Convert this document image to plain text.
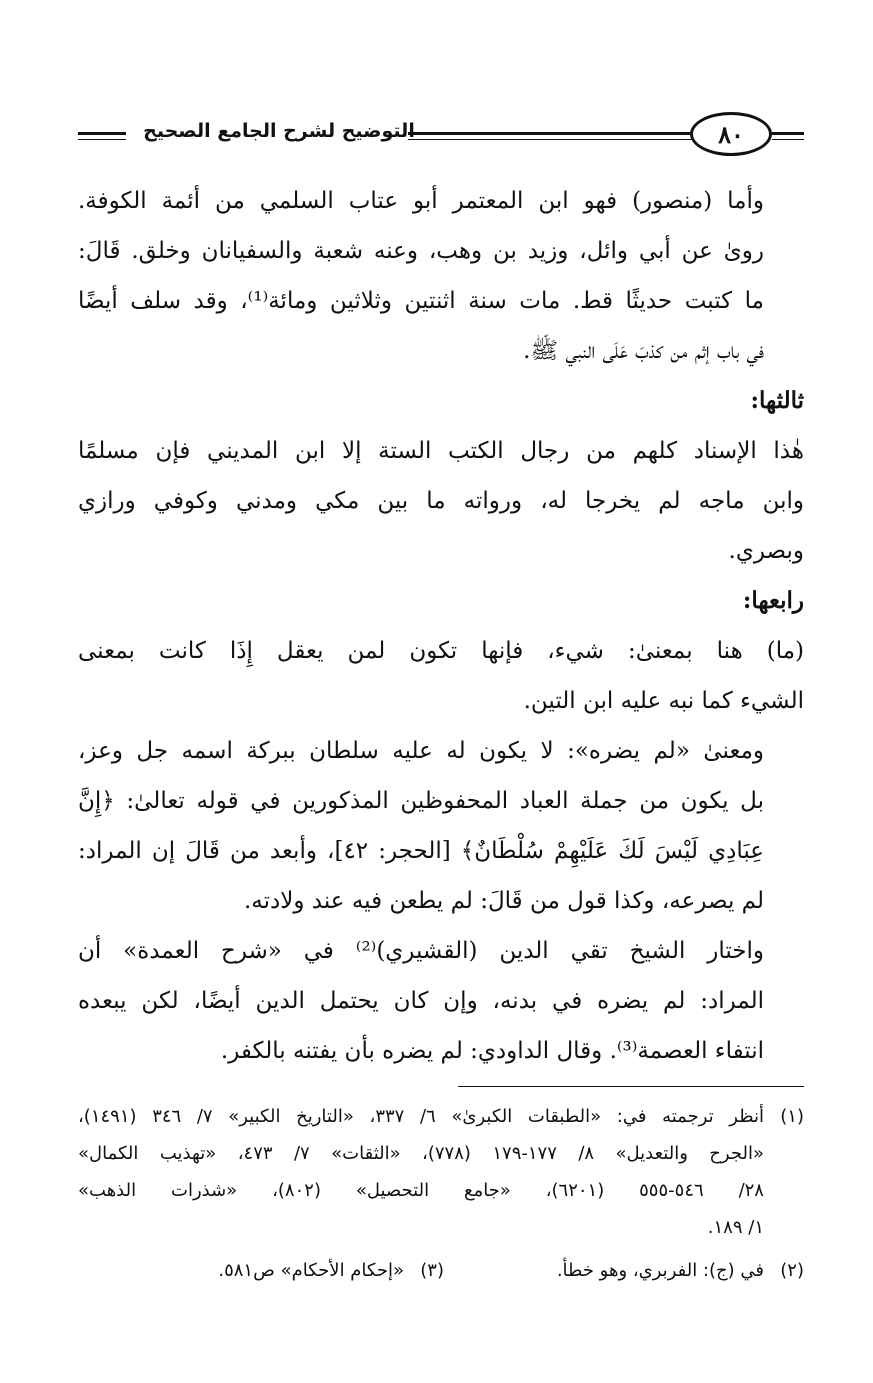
التوضيح لشرح الجامع الصحيح	٨٠

وأما (منصور) فهو ابن المعتمر أبو عتاب السلمي من أئمة الكوفة.
رویٰ عن أبي وائل، وزيد بن وهب، وعنه شعبة والسفيانان وخلق. قَالَ:
ما كتبت حديثًا قط. مات سنة اثنتين وثلاثين ومائة⁽¹⁾، وقد سلف أيضًا
في باب إثم من كذبَ عَلَى النبي ﷺ.

ثالثها:

هٰذا الإسناد كلهم من رجال الكتب الستة إلا ابن المديني فإن مسلمًا
وابن ماجه لم يخرجا له، ورواته ما بين مكي ومدني وكوفي ورازي
وبصري.

رابعها:

(ما) هنا بمعنىٰ: شيء، فإنها تكون لمن يعقل إِذَا كانت بمعنى
الشيء كما نبه عليه ابن التين.

ومعنىٰ «لم يضره»: لا يكون له عليه سلطان ببركة اسمه جل وعز،
بل يكون من جملة العباد المحفوظين المذكورين في قوله تعالىٰ: ﴿إِنَّ
عِبَادِي لَيْسَ لَكَ عَلَيْهِمْ سُلْطَانٌ﴾ [الحجر: ٤٢]، وأبعد من قَالَ إن المراد:
لم يصرعه، وكذا قول من قَالَ: لم يطعن فيه عند ولادته.

واختار الشيخ تقي الدين (القشيري)⁽²⁾ في «شرح العمدة» أن
المراد: لم يضره في بدنه، وإن كان يحتمل الدين أيضًا، لكن يبعده
انتفاء العصمة⁽³⁾. وقال الداودي: لم يضره بأن يفتنه بالكفر.

(١)أنظر ترجمته في: «الطبقات الكبرىٰ» ٦/ ٣٣٧، «التاريخ الكبير» ٧/ ٣٤٦ (١٤٩١)،
«الجرح والتعديل» ٨/ ١٧٧-١٧٩ (٧٧٨)، «الثقات» ٧/ ٤٧٣، «تهذيب الكمال»
٢٨/ ٥٤٦-٥٥٥ (٦٢٠١)، «جامع التحصيل» (٨٠٢)، «شذرات الذهب»
١/ ١٨٩.
(٢)في (ج): الفربري، وهو خطأ.
(٣)«إحكام الأحكام» ص٥٨١.
